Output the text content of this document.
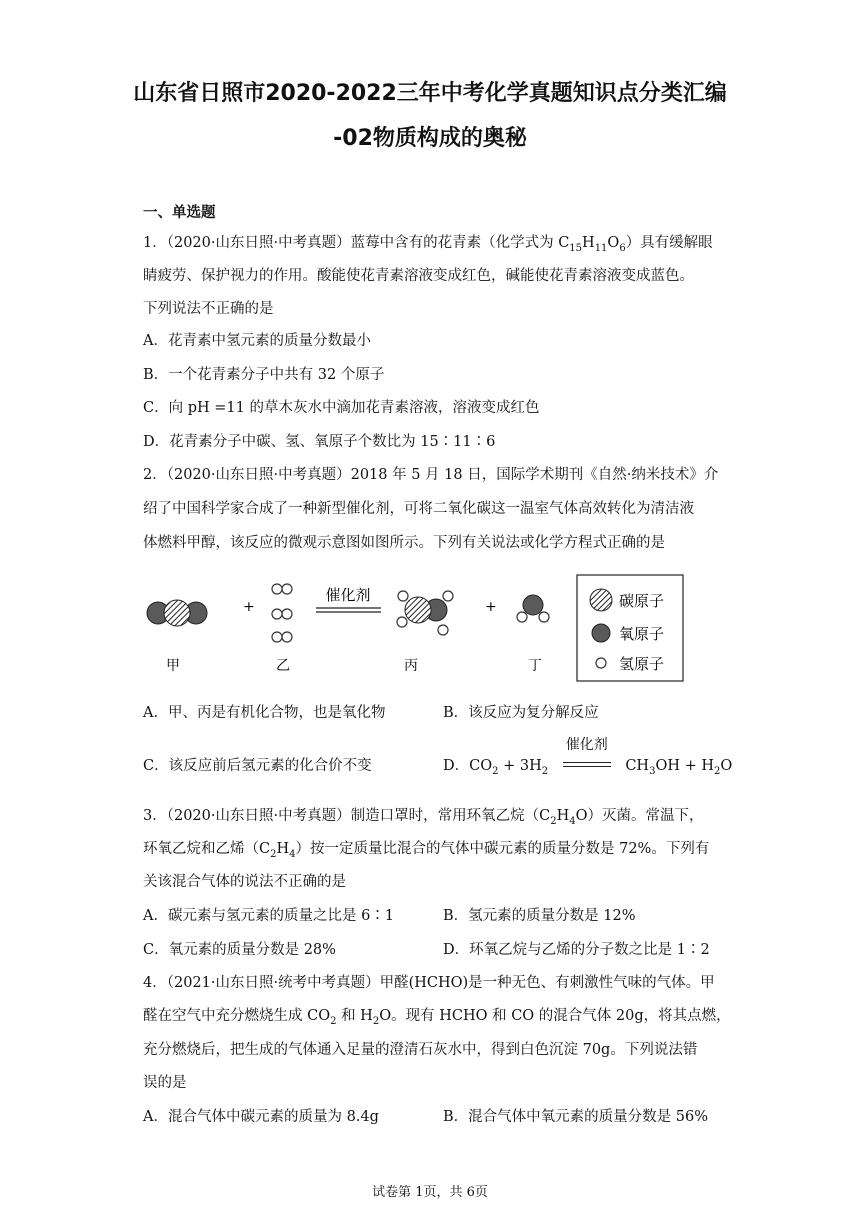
山东省日照市2020-2022三年中考化学真题知识点分类汇编
-02物质构成的奥秘
一、单选题
1．（2020·山东日照·中考真题）蓝莓中含有的花青素（化学式为 $C_{15}H_{11}O_6$）具有缓解眼
睛疲劳、保护视力的作用。酸能使花青素溶液变成红色，碱能使花青素溶液变成蓝色。
下列说法不正确的是
A．花青素中氢元素的质量分数最小
B．一个花青素分子中共有 32 个原子
C．向 pH =11 的草木灰水中滴加花青素溶液，溶液变成红色
D．花青素分子中碳、氢、氧原子个数比为 15∶11∶6
2．（2020·山东日照·中考真题）2018 年 5 月 18 日，国际学术期刊《自然·纳米技术》介
绍了中国科学家合成了一种新型催化剂，可将二氧化碳这一温室气体高效转化为清洁液
体燃料甲醇，该反应的微观示意图如图所示。下列有关说法或化学方程式正确的是
+
催化剂
+
甲	乙	丙	丁
碳原子
氧原子
氢原子
A．甲、丙是有机化合物，也是氧化物	B．该反应为复分解反应
C．该反应前后氢元素的化合价不变	D．$CO_2 + 3H_2$
催化剂
$CH_3OH + H_2O$
3．（2020·山东日照·中考真题）制造口罩时，常用环氧乙烷$(C_2H_4O)$灭菌。常温下，
环氧乙烷和乙烯$(C_2H_4)$按一定质量比混合的气体中碳元素的质量分数是 72%。下列有
关该混合气体的说法不正确的是
A．碳元素与氢元素的质量之比是 6∶1	B．氢元素的质量分数是 12%
C．氧元素的质量分数是 28%	D．环氧乙烷与乙烯的分子数之比是 1∶2
4．（2021·山东日照·统考中考真题）甲醛(HCHO)是一种无色、有刺激性气味的气体。甲
醛在空气中充分燃烧生成 $CO_2$ 和 $H_2O$。现有 HCHO 和 CO 的混合气体 20g，将其点燃，
充分燃烧后，把生成的气体通入足量的澄清石灰水中，得到白色沉淀 70g。下列说法错
误的是
A．混合气体中碳元素的质量为 8.4g	B．混合气体中氧元素的质量分数是 56%
试卷第 1页，共 6页
